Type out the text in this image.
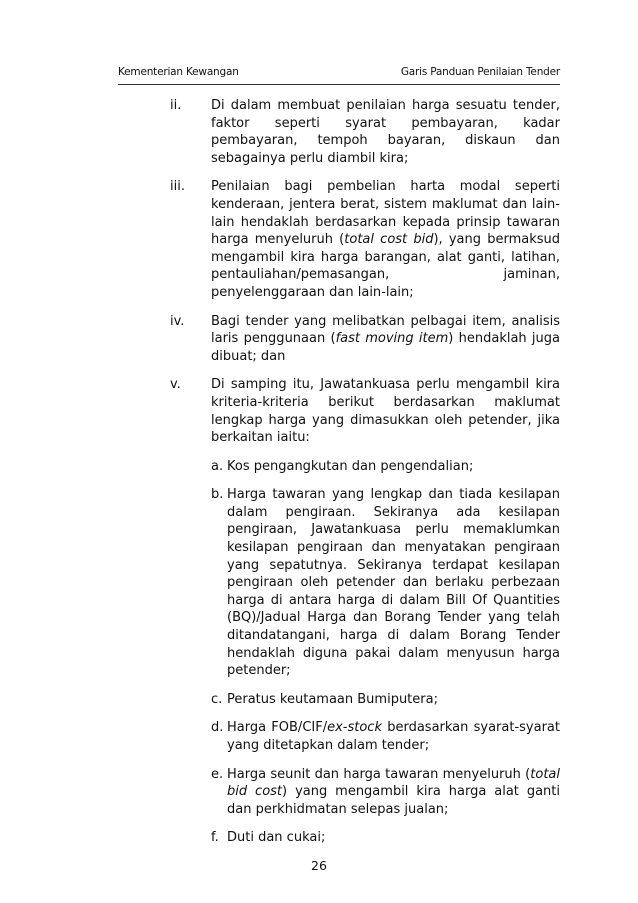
Kementerian Kewangan	Garis Panduan Penilaian Tender
ii.	Di dalam membuat penilaian harga sesuatu tender, faktor seperti syarat pembayaran, kadar pembayaran, tempoh bayaran, diskaun dan sebagainya perlu diambil kira;
iii.	Penilaian bagi pembelian harta modal seperti kenderaan, jentera berat, sistem maklumat dan lain-lain hendaklah berdasarkan kepada prinsip tawaran harga menyeluruh (total cost bid), yang bermaksud mengambil kira harga barangan, alat ganti, latihan, pentauliahan/pemasangan, jaminan, penyelenggaraan dan lain-lain;
iv.	Bagi tender yang melibatkan pelbagai item, analisis laris penggunaan (fast moving item) hendaklah juga dibuat; dan
v.	Di samping itu, Jawatankuasa perlu mengambil kira kriteria-kriteria berikut berdasarkan maklumat lengkap harga yang dimasukkan oleh petender, jika berkaitan iaitu:
a. Kos pengangkutan dan pengendalian;
b. Harga tawaran yang lengkap dan tiada kesilapan dalam pengiraan. Sekiranya ada kesilapan pengiraan, Jawatankuasa perlu memaklumkan kesilapan pengiraan dan menyatakan pengiraan yang sepatutnya. Sekiranya terdapat kesilapan pengiraan oleh petender dan berlaku perbezaan harga di antara harga di dalam Bill Of Quantities (BQ)/Jadual Harga dan Borang Tender yang telah ditandatangani, harga di dalam Borang Tender hendaklah diguna pakai dalam menyusun harga petender;
c. Peratus keutamaan Bumiputera;
d. Harga FOB/CIF/ex-stock berdasarkan syarat-syarat yang ditetapkan dalam tender;
e. Harga seunit dan harga tawaran menyeluruh (total bid cost) yang mengambil kira harga alat ganti dan perkhidmatan selepas jualan;
f. Duti dan cukai;
26
